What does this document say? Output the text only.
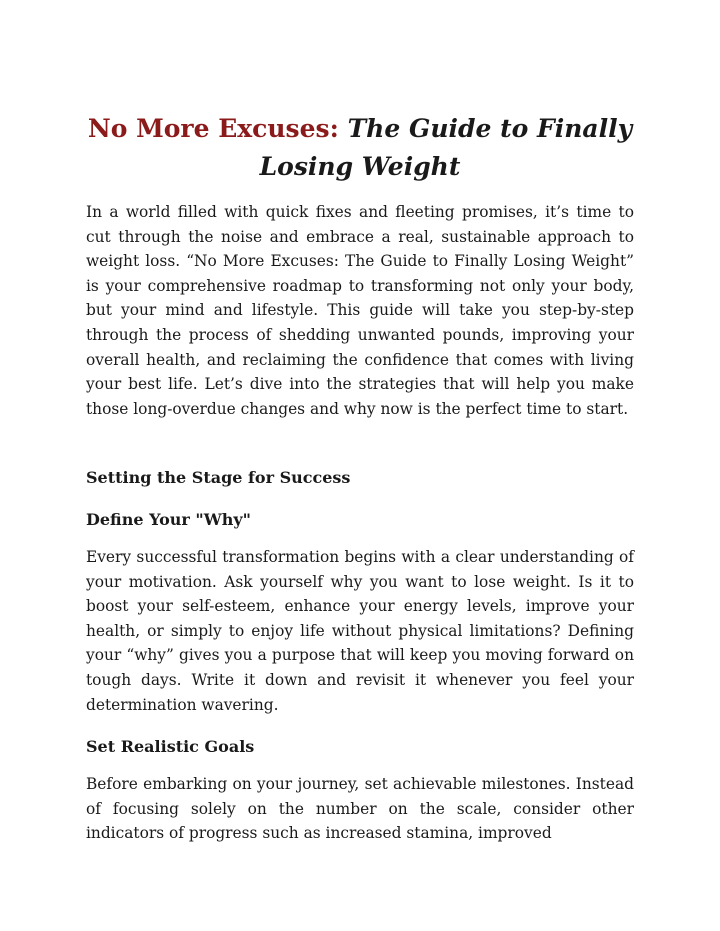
No More Excuses: The Guide to Finally Losing Weight

In a world filled with quick fixes and fleeting promises, it’s time to cut through the noise and embrace a real, sustainable approach to weight loss. “No More Excuses: The Guide to Finally Losing Weight” is your comprehensive roadmap to transforming not only your body, but your mind and lifestyle. This guide will take you step-by-step through the process of shedding unwanted pounds, improving your overall health, and reclaiming the confidence that comes with living your best life. Let’s dive into the strategies that will help you make those long-overdue changes and why now is the perfect time to start.

Setting the Stage for Success
Define Your "Why"

Every successful transformation begins with a clear understanding of your motivation. Ask yourself why you want to lose weight. Is it to boost your self-esteem, enhance your energy levels, improve your health, or simply to enjoy life without physical limitations? Defining your “why” gives you a purpose that will keep you moving forward on tough days. Write it down and revisit it whenever you feel your determination wavering.

Set Realistic Goals

Before embarking on your journey, set achievable milestones. Instead of focusing solely on the number on the scale, consider other indicators of progress such as increased stamina, improved
